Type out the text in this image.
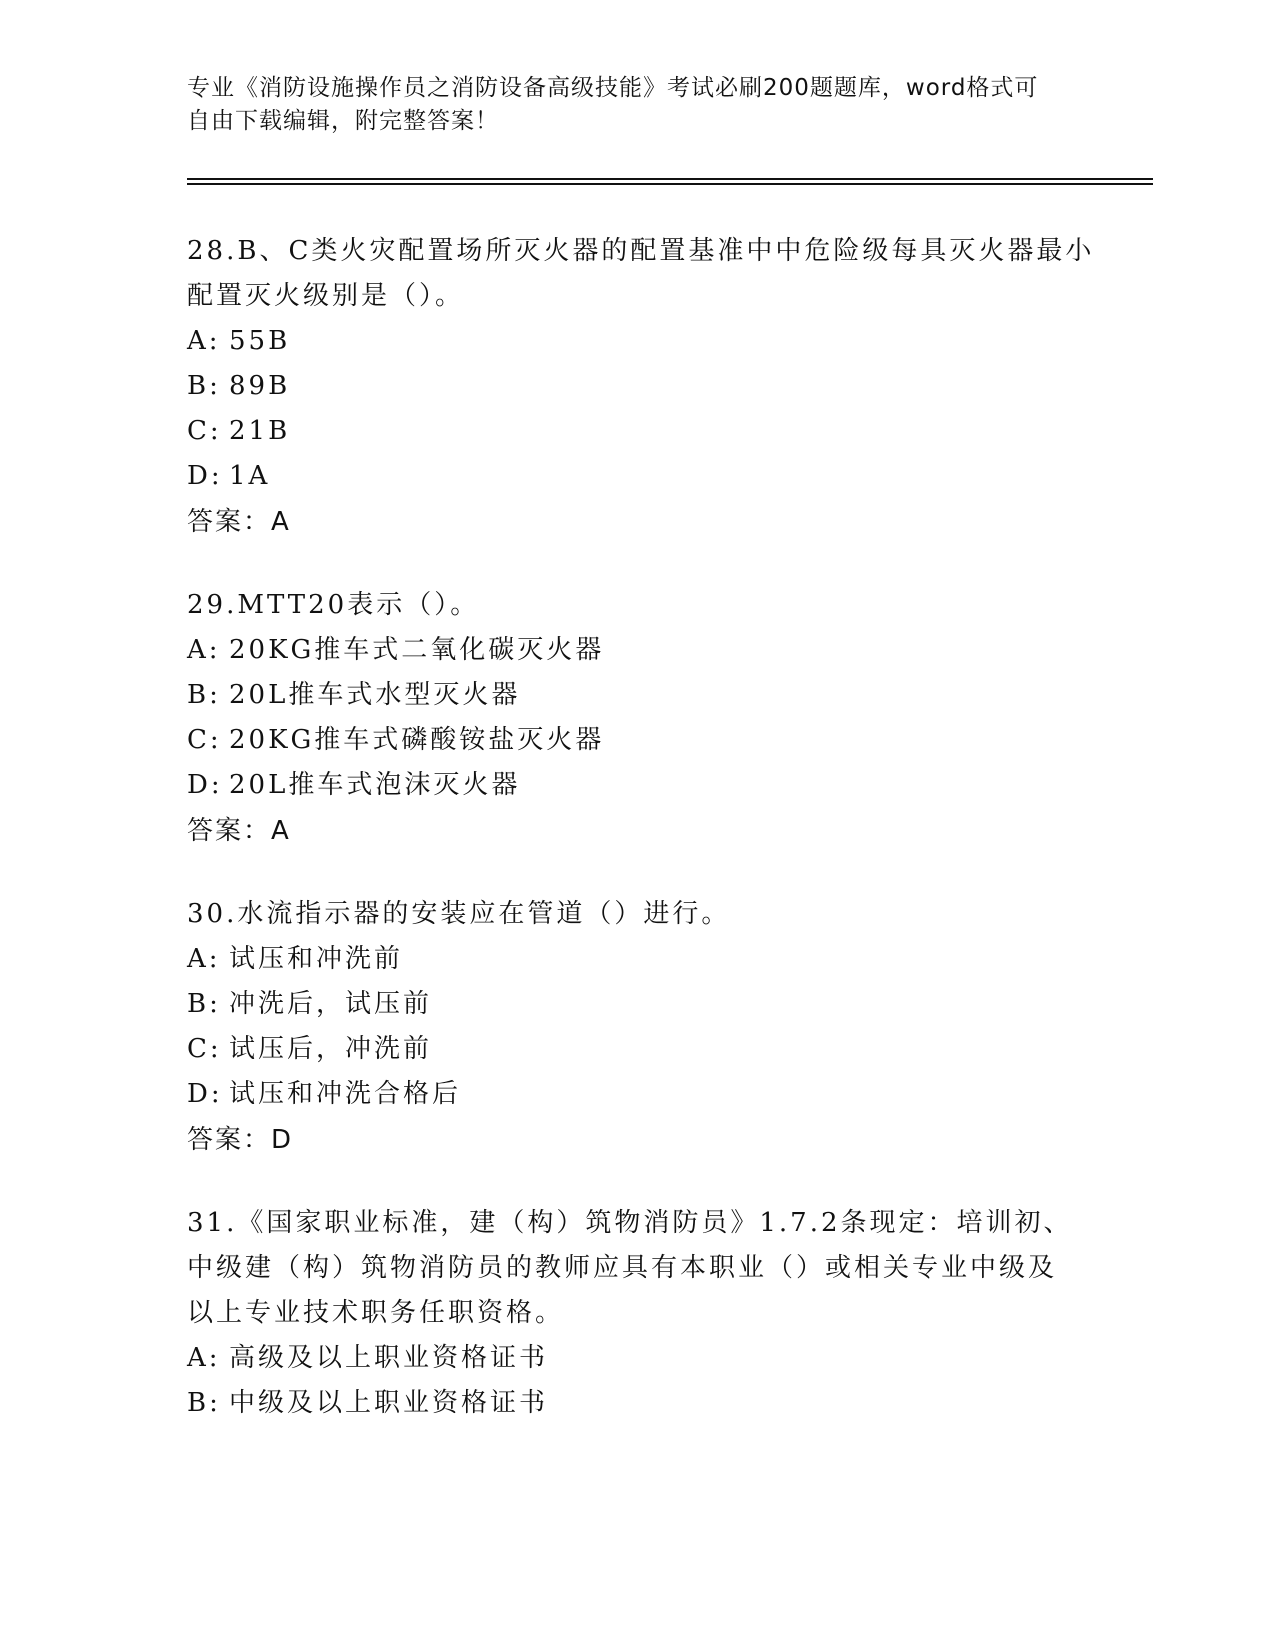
专业《消防设施操作员之消防设备高级技能》考试必刷200题题库，word格式可
自由下载编辑，附完整答案！
28.B、C类火灾配置场所灭火器的配置基准中中危险级每具灭火器最小
配置灭火级别是（）。
A: 55B
B: 89B
C: 21B
D: 1A
答案：A
29.MTT20表示（）。
A: 20KG推车式二氧化碳灭火器
B: 20L推车式水型灭火器
C: 20KG推车式磷酸铵盐灭火器
D: 20L推车式泡沫灭火器
答案：A
30.水流指示器的安装应在管道（）进行。
A: 试压和冲洗前
B: 冲洗后，试压前
C: 试压后，冲洗前
D: 试压和冲洗合格后
答案：D
31.《国家职业标准，建（构）筑物消防员》1.7.2条现定：培训初、
中级建（构）筑物消防员的教师应具有本职业（）或相关专业中级及
以上专业技术职务任职资格。
A: 高级及以上职业资格证书
B: 中级及以上职业资格证书
